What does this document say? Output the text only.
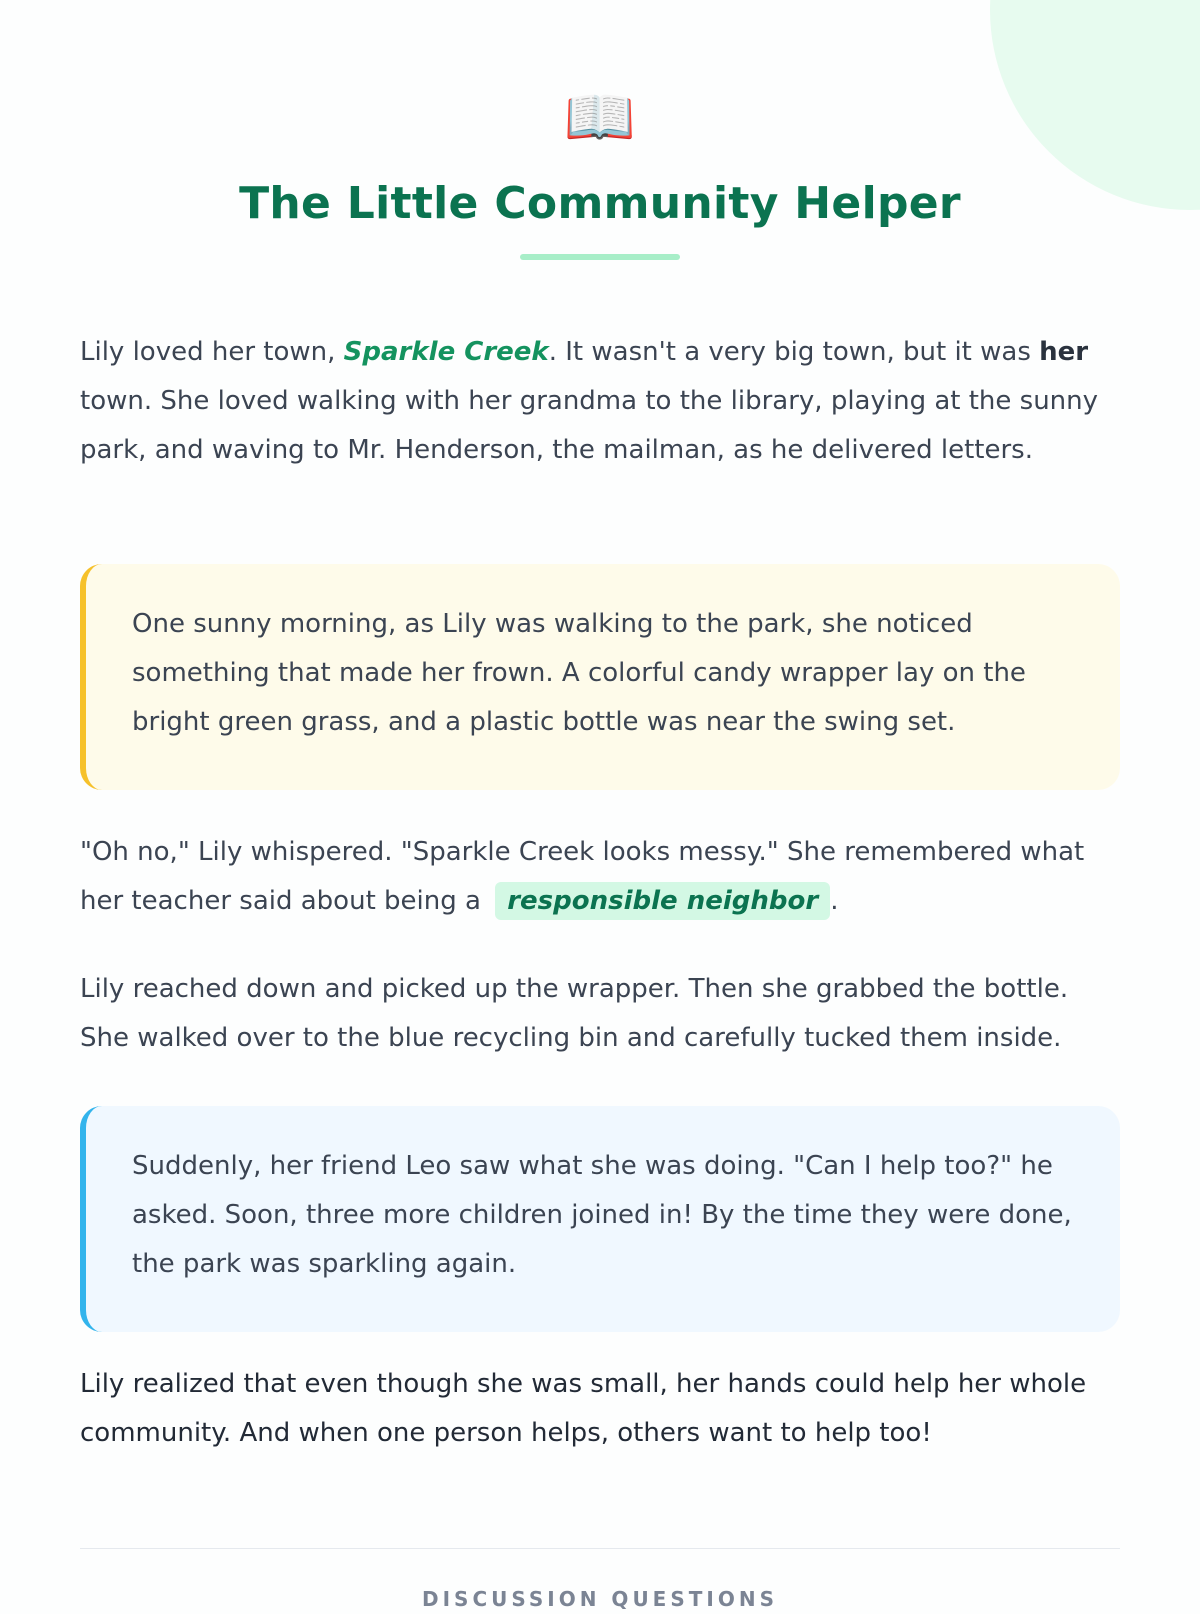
📖
The Little Community Helper

Lily loved her town, Sparkle Creek. It wasn't a very big town, but it was her town. She loved walking with her grandma to the library, playing at the sunny park, and waving to Mr. Henderson, the mailman, as he delivered letters.

One sunny morning, as Lily was walking to the park, she noticed something that made her frown. A colorful candy wrapper lay on the bright green grass, and a plastic bottle was near the swing set.

"Oh no," Lily whispered. "Sparkle Creek looks messy." She remembered what her teacher said about being a responsible neighbor .

Lily reached down and picked up the wrapper. Then she grabbed the bottle. She walked over to the blue recycling bin and carefully tucked them inside.

Suddenly, her friend Leo saw what she was doing. "Can I help too?" he asked. Soon, three more children joined in! By the time they were done, the park was sparkling again.

Lily realized that even though she was small, her hands could help her whole community. And when one person helps, others want to help too!

DISCUSSION QUESTIONS
